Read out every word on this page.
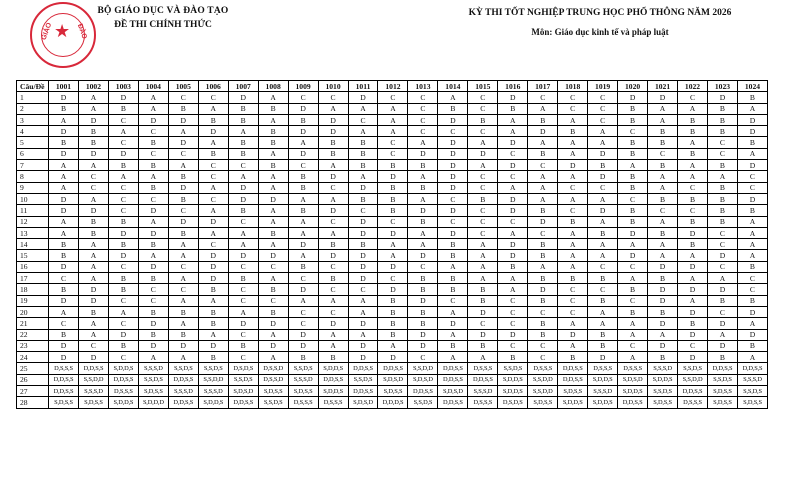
GIÁO ★ ĐÀO
BỘ GIÁO DỤC VÀ ĐÀO TẠO
ĐỀ THI CHÍNH THỨC
KỲ THI TỐT NGHIỆP TRUNG HỌC PHỔ THÔNG NĂM 2026
Môn: Giáo dục kinh tế và pháp luật
Câu/Đề	1001	1002	1003	1004	1005	1006	1007	1008	1009	1010	1011	1012	1013	1014	1015	1016	1017	1018	1019	1020	1021	1022	1023	1024
1	D	A	D	A	C	C	D	A	C	C	D	C	C	A	C	D	C	C	C	D	D	C	D	B
2	B	A	B	A	B	A	B	B	D	A	A	A	C	B	C	B	A	C	C	B	A	A	B	A
3	A	D	C	D	D	B	B	A	B	D	C	A	C	D	B	A	B	A	C	B	A	B	B	D
4	D	B	A	C	A	D	A	B	D	D	A	A	C	C	C	A	D	B	A	C	B	B	B	D
5	B	B	C	B	D	A	B	B	A	B	B	C	A	D	A	D	A	A	A	B	B	A	C	B
6	D	D	D	C	C	B	B	A	D	B	B	C	D	D	D	C	B	A	D	B	C	B	C	A
7	A	A	B	B	A	C	C	B	C	A	B	B	B	D	A	D	C	D	B	A	B	A	B	D
8	A	C	A	A	B	C	A	A	B	D	A	D	A	D	C	C	A	A	D	B	A	A	A	C
9	A	C	C	B	D	A	D	A	B	C	D	B	B	D	C	A	A	C	C	B	A	C	B	C
10	D	A	C	C	B	C	D	D	A	A	B	B	A	C	B	D	A	A	A	C	B	B	B	D
11	D	D	C	D	C	A	B	A	B	D	C	B	D	D	C	D	B	C	D	B	C	C	B	B
12	A	B	B	A	D	D	C	A	A	C	D	C	B	C	C	C	D	B	A	B	A	B	B	A
13	A	B	D	D	B	A	A	B	A	A	D	D	A	D	C	A	C	A	B	D	B	D	C	A
14	B	A	B	B	A	C	A	A	D	B	B	A	A	B	A	D	B	A	A	A	A	B	C	A
15	B	A	D	A	A	D	D	D	A	D	D	A	D	B	A	D	B	A	A	D	A	A	D	A
16	D	A	C	D	C	D	C	C	B	C	D	D	C	A	A	B	A	A	C	C	D	D	C	B
17	C	A	B	B	A	D	B	A	C	B	D	C	B	B	A	A	B	B	B	A	B	A	A	C
18	B	D	B	C	C	B	C	B	D	C	C	D	B	B	B	A	D	C	C	B	D	D	D	C
19	D	D	C	C	A	A	C	C	A	A	A	B	D	C	B	C	B	C	B	C	D	A	B	B
20	A	B	A	B	B	B	A	B	C	C	A	B	B	A	D	C	C	C	A	B	B	D	C	D
21	C	A	C	D	A	B	D	D	C	D	D	B	B	D	C	C	B	A	A	A	D	B	D	A
22	B	A	D	B	B	A	C	A	D	A	A	B	D	A	D	D	B	D	B	A	A	D	A	D
23	D	C	B	D	D	D	B	D	D	A	D	A	D	B	B	C	C	A	B	C	D	C	D	B
24	D	D	C	A	A	B	C	A	B	B	D	D	C	A	A	B	C	B	D	A	B	D	B	A
25	D,S,S,S	D,D,S,S	S,D,D,S	S,S,S,D	S,S,D,S	S,S,D,S	D,S,D,S	D,S,S,D	S,S,D,S	S,D,D,S	D,D,S,S	D,D,S,S	S,S,D,D	D,D,S,S	D,S,S,S	S,S,D,S	D,S,S,S	D,D,S,S	D,S,S,S	D,S,S,S	S,S,S,D	S,S,D,S	D,D,S,S	D,D,S,S
26	D,D,S,S	S,S,D,D	D,D,S,S	S,S,D,S	D,D,S,S	S,S,D,D	S,S,D,S	D,S,S,D	S,S,S,D	D,D,S,S	S,S,D,S	S,D,S,D	S,D,S,D	D,D,S,S	D,D,S,S	S,D,D,S	S,S,D,D	D,D,S,S	S,D,D,S	S,D,S,D	S,D,D,S	S,S,D,D	S,S,D,S	S,S,S,D
27	D,D,S,S	S,S,S,D	D,S,S,S	S,D,S,S	S,S,S,D	S,S,S,D	S,D,S,D	S,D,S,S	S,D,S,S	S,D,D,S	D,D,S,S	S,D,S,S	D,D,S,S	S,D,S,D	S,S,S,D	S,D,D,S	S,S,D,D	S,D,S,S	S,S,S,D	S,D,D,S	S,S,D,S	D,D,S,S	S,D,S,S	S,S,D,S
28	S,D,S,S	S,D,S,S	S,D,D,S	S,D,D,D	D,D,S,S	S,D,D,S	D,D,S,S	S,S,D,S	D,S,S,S	D,S,S,S	S,D,S,D	D,D,D,S	S,S,D,S	D,D,S,S	D,S,S,S	D,S,D,S	S,D,S,S	S,D,D,S	S,D,D,S	D,D,S,S	S,D,S,S	D,S,S,S	S,D,S,S	S,D,S,S
